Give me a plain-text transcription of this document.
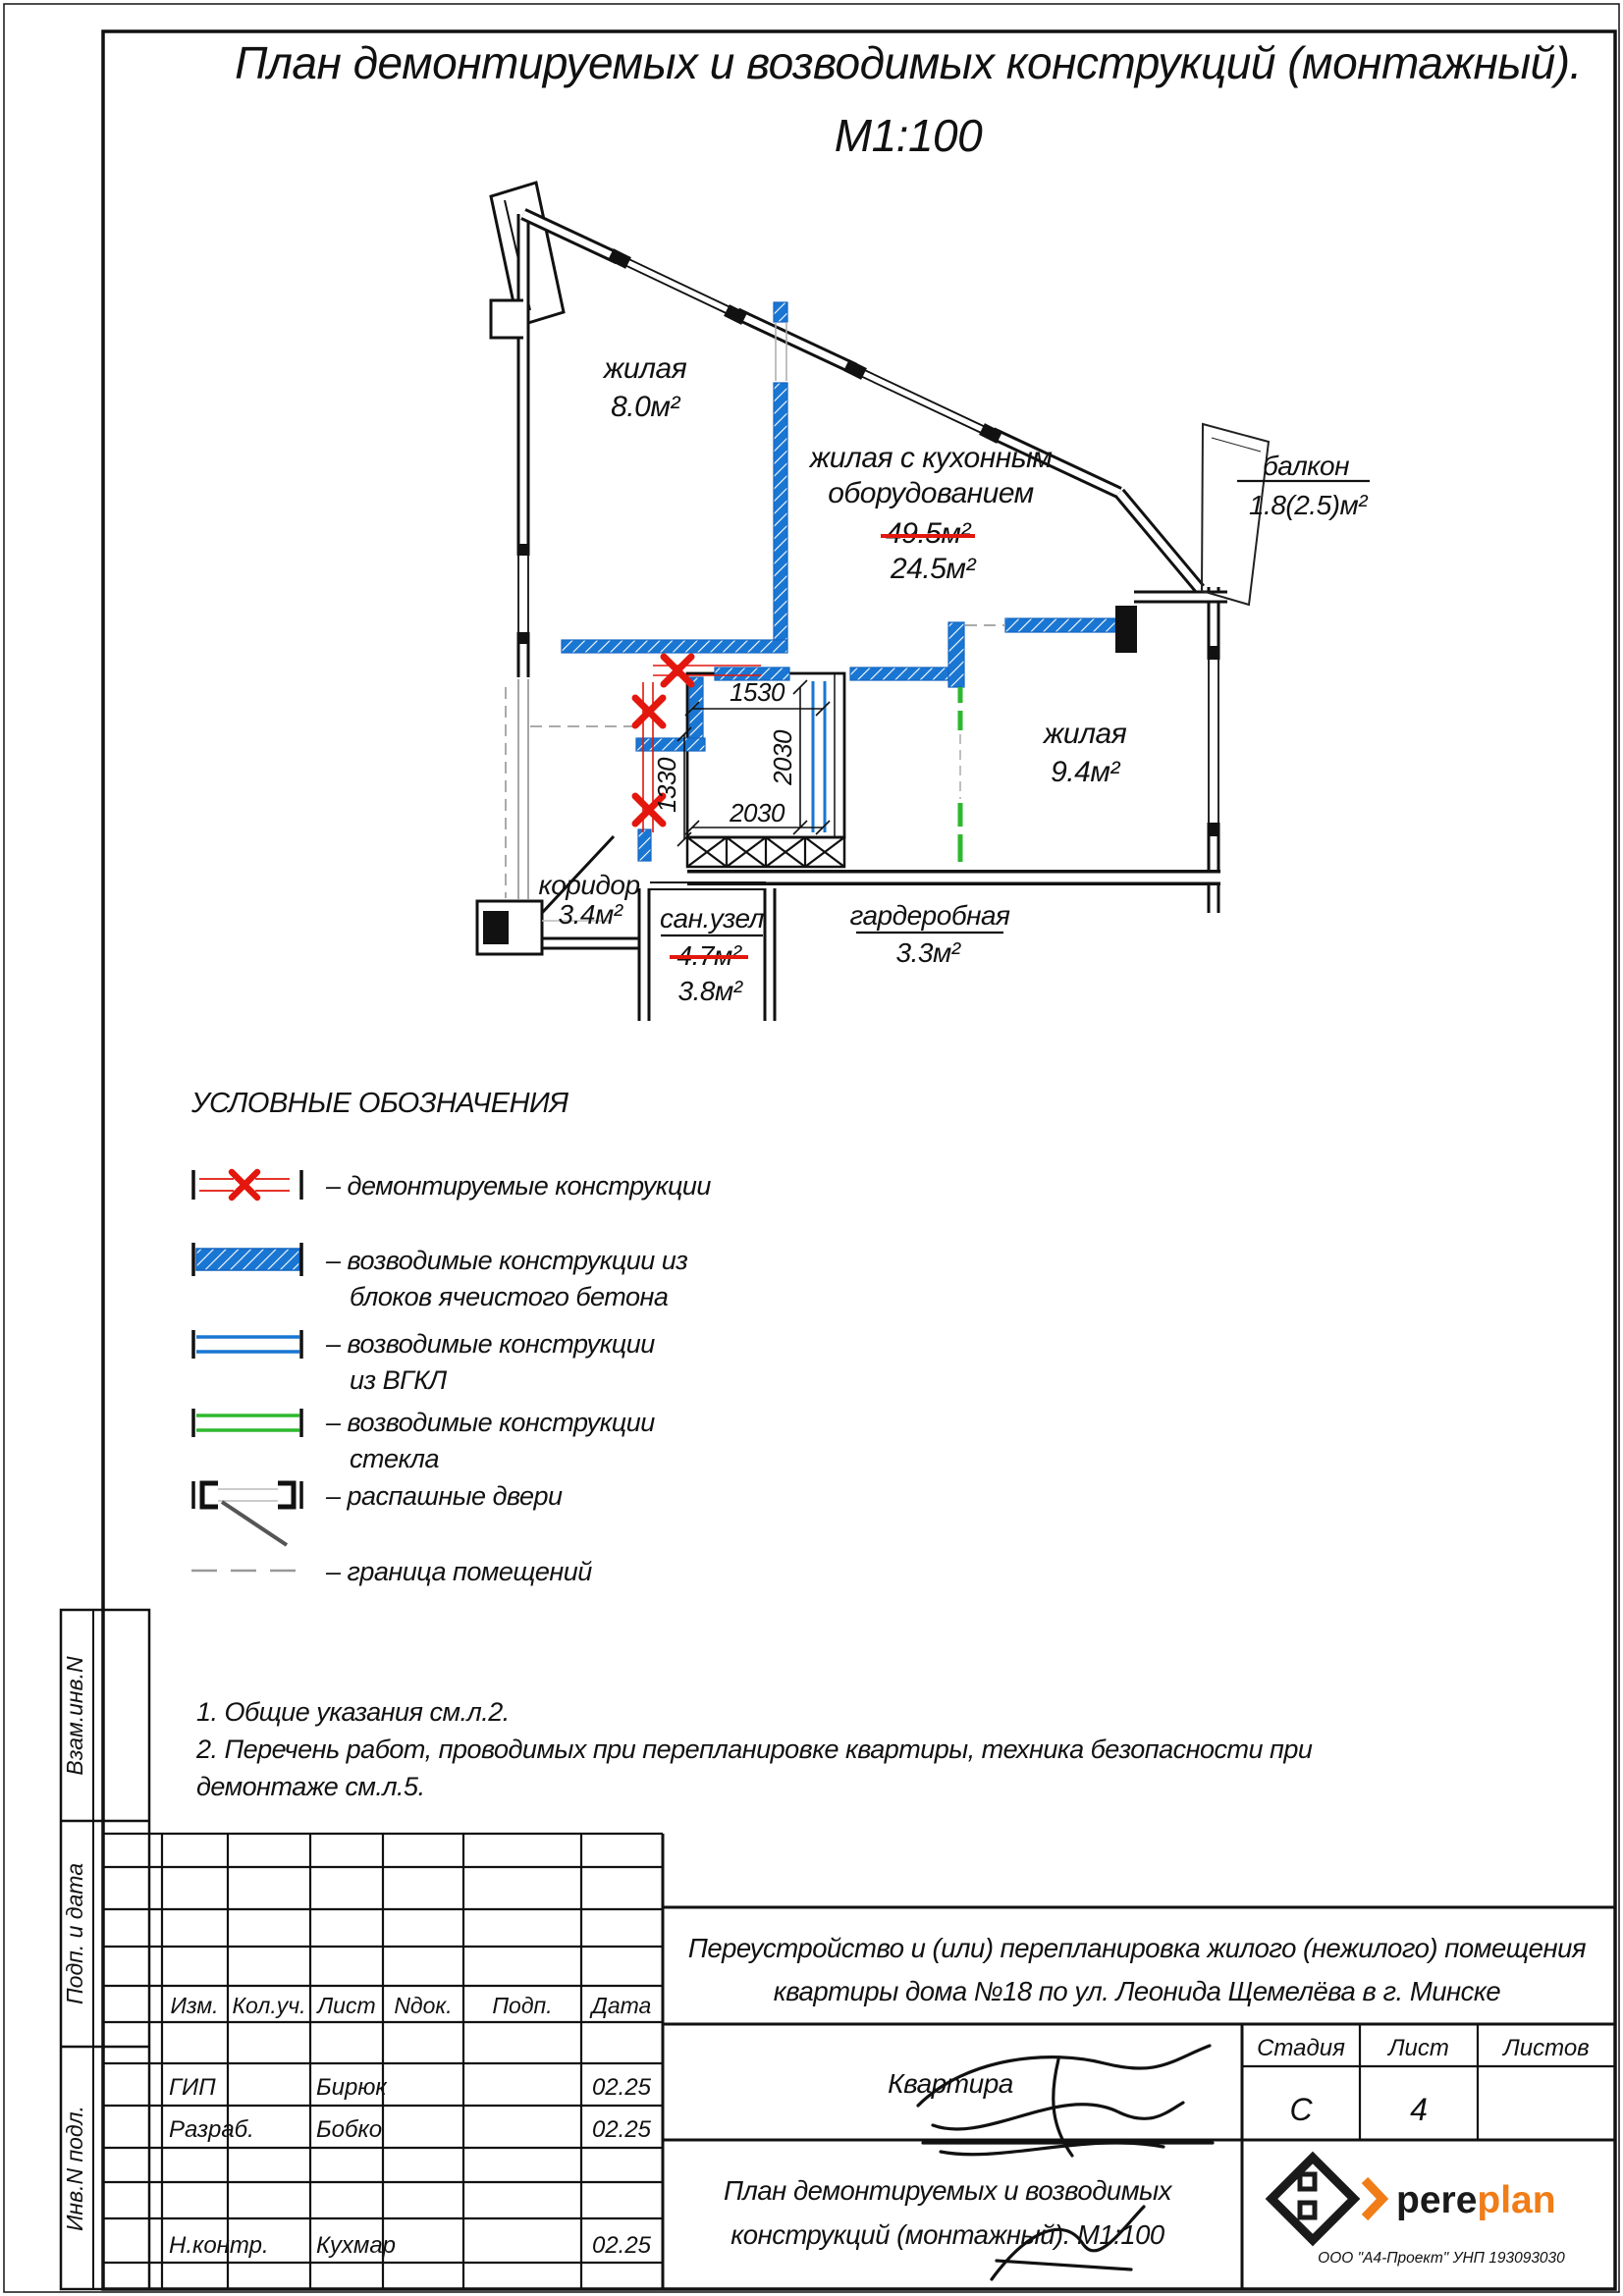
План демонтируемых и возводимых конструкций (монтажный).
М1:100
1530
2030
1330
2030
жилая
8.0м²
жилая с кухонным
оборудованием
49.5м²
24.5м²
балкон
1.8(2.5)м²
жилая
9.4м²
коридор
3.4м² сан.узел
4.7м²
3.8м²
гардеробная
3.3м²
УСЛОВНЫЕ ОБОЗНАЧЕНИЯ
– демонтируемые конструкции
– возводимые конструкции из
блоков ячеистого бетона
– возводимые конструкции
из ВГКЛ
– возводимые конструкции
стекла
– распашные двери
– граница помещений
1. Общие указания см.л.2.
2. Перечень работ, проводимых при перепланировке квартиры, техника безопасности при
демонтаже см.л.5.
Взам.инв.N
Подп. и дата
Инв.N подл.
Изм. Кол.уч. Лист Nдок. Подп. Дата
ГИП	Бирюк	02.25
Разраб.	Бобко	02.25
Н.контр. Кухмар	02.25
Переустройство и (или) перепланировка жилого (нежилого) помещения
квартиры дома №18 по ул. Леонида Щемелёва в г. Минске
Квартира
Стадия Лист Листов
С	4
План демонтируемых и возводимых
конструкций (монтажный). М1:100
pereplan
ООО "А4-Проект" УНП 193093030
